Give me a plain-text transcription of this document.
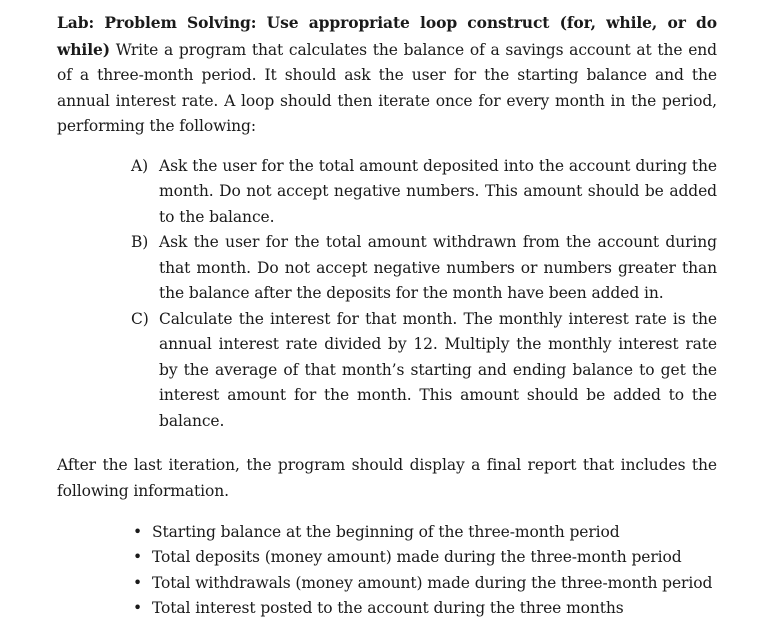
Lab: Problem Solving: Use appropriate loop construct (for, while, or do while) Write a program that calculates the balance of a savings account at the end of a three-month period. It should ask the user for the starting balance and the annual interest rate. A loop should then iterate once for every month in the period, performing the following:

A) Ask the user for the total amount deposited into the account during the month. Do not accept negative numbers. This amount should be added to the balance.
B) Ask the user for the total amount withdrawn from the account during that month. Do not accept negative numbers or numbers greater than the balance after the deposits for the month have been added in.
C) Calculate the interest for that month. The monthly interest rate is the annual interest rate divided by 12. Multiply the monthly interest rate by the average of that month’s starting and ending balance to get the interest amount for the month. This amount should be added to the balance.

After the last iteration, the program should display a final report that includes the following information.

• Starting balance at the beginning of the three-month period
• Total deposits (money amount) made during the three-month period
• Total withdrawals (money amount) made during the three-month period
• Total interest posted to the account during the three months
